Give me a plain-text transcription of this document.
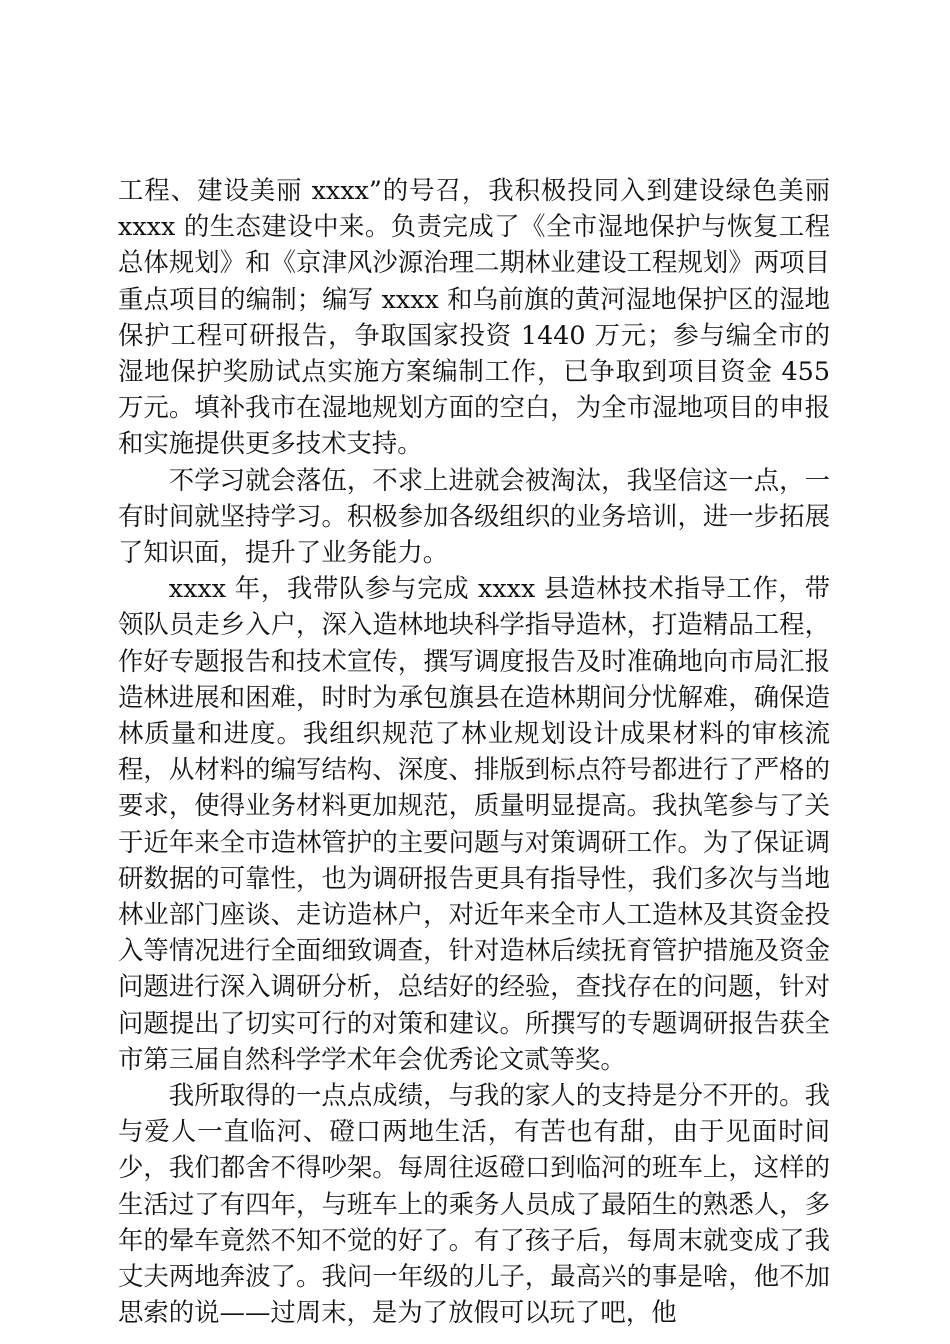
工程、建设美丽 xxxx”的号召，我积极投同入到建设绿色美丽 xxxx 的生态建设中来。负责完成了《全市湿地保护与恢复工程总体规划》和《京津风沙源治理二期林业建设工程规划》两项目重点项目的编制；编写 xxxx 和乌前旗的黄河湿地保护区的湿地保护工程可研报告，争取国家投资 1440 万元；参与编全市的湿地保护奖励试点实施方案编制工作，已争取到项目资金 455 万元。填补我市在湿地规划方面的空白，为全市湿地项目的申报和实施提供更多技术支持。

不学习就会落伍，不求上进就会被淘汰，我坚信这一点，一有时间就坚持学习。积极参加各级组织的业务培训，进一步拓展了知识面，提升了业务能力。

xxxx 年，我带队参与完成 xxxx 县造林技术指导工作，带领队员走乡入户，深入造林地块科学指导造林，打造精品工程，作好专题报告和技术宣传，撰写调度报告及时准确地向市局汇报造林进展和困难，时时为承包旗县在造林期间分忧解难，确保造林质量和进度。我组织规范了林业规划设计成果材料的审核流程，从材料的编写结构、深度、排版到标点符号都进行了严格的要求，使得业务材料更加规范，质量明显提高。我执笔参与了关于近年来全市造林管护的主要问题与对策调研工作。为了保证调研数据的可靠性，也为调研报告更具有指导性，我们多次与当地林业部门座谈、走访造林户，对近年来全市人工造林及其资金投入等情况进行全面细致调查，针对造林后续抚育管护措施及资金问题进行深入调研分析，总结好的经验，查找存在的问题，针对问题提出了切实可行的对策和建议。所撰写的专题调研报告获全市第三届自然科学学术年会优秀论文贰等奖。

我所取得的一点点成绩，与我的家人的支持是分不开的。我与爱人一直临河、磴口两地生活，有苦也有甜，由于见面时间少，我们都舍不得吵架。每周往返磴口到临河的班车上，这样的生活过了有四年，与班车上的乘务人员成了最陌生的熟悉人，多年的晕车竟然不知不觉的好了。有了孩子后，每周末就变成了我丈夫两地奔波了。我问一年级的儿子，最高兴的事是啥，他不加思索的说——过周末，是为了放假可以玩了吧，他
